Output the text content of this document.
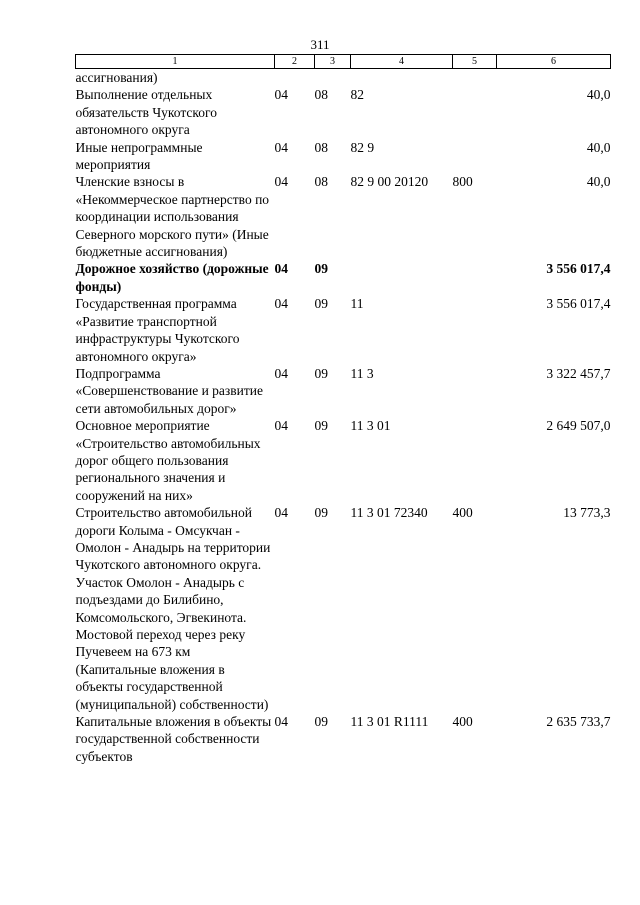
311
1	2	3	4	5	6
ассигнования)					
Выполнение отдельных обязательств Чукотского автономного округа	04	08	82		40,0
Иные непрограммные мероприятия	04	08	82 9		40,0
Членские взносы в «Некоммерческое партнерство по координации использования Северного морского пути» (Иные бюджетные ассигнования)	04	08	82 9 00 20120	800	40,0
Дорожное хозяйство (дорожные фонды)	04	09			3 556 017,4
Государственная программа «Развитие транспортной инфраструктуры Чукотского автономного округа»	04	09	11		3 556 017,4
Подпрограмма «Совершенствование и развитие сети автомобильных дорог»	04	09	11 3		3 322 457,7
Основное мероприятие «Строительство автомобильных дорог общего пользования регионального значения и сооружений на них»	04	09	11 3 01		2 649 507,0
Строительство автомобильной дороги Колыма - Омсукчан - Омолон - Анадырь на территории Чукотского автономного округа. Участок Омолон - Анадырь с подъездами до Билибино, Комсомольского, Эгвекинота. Мостовой переход через реку Пучевеем на 673 км (Капитальные вложения в объекты государственной (муниципальной) собственности)	04	09	11 3 01 72340	400	13 773,3
Капитальные вложения в объекты государственной собственности субъектов	04	09	11 3 01 R1111	400	2 635 733,7
